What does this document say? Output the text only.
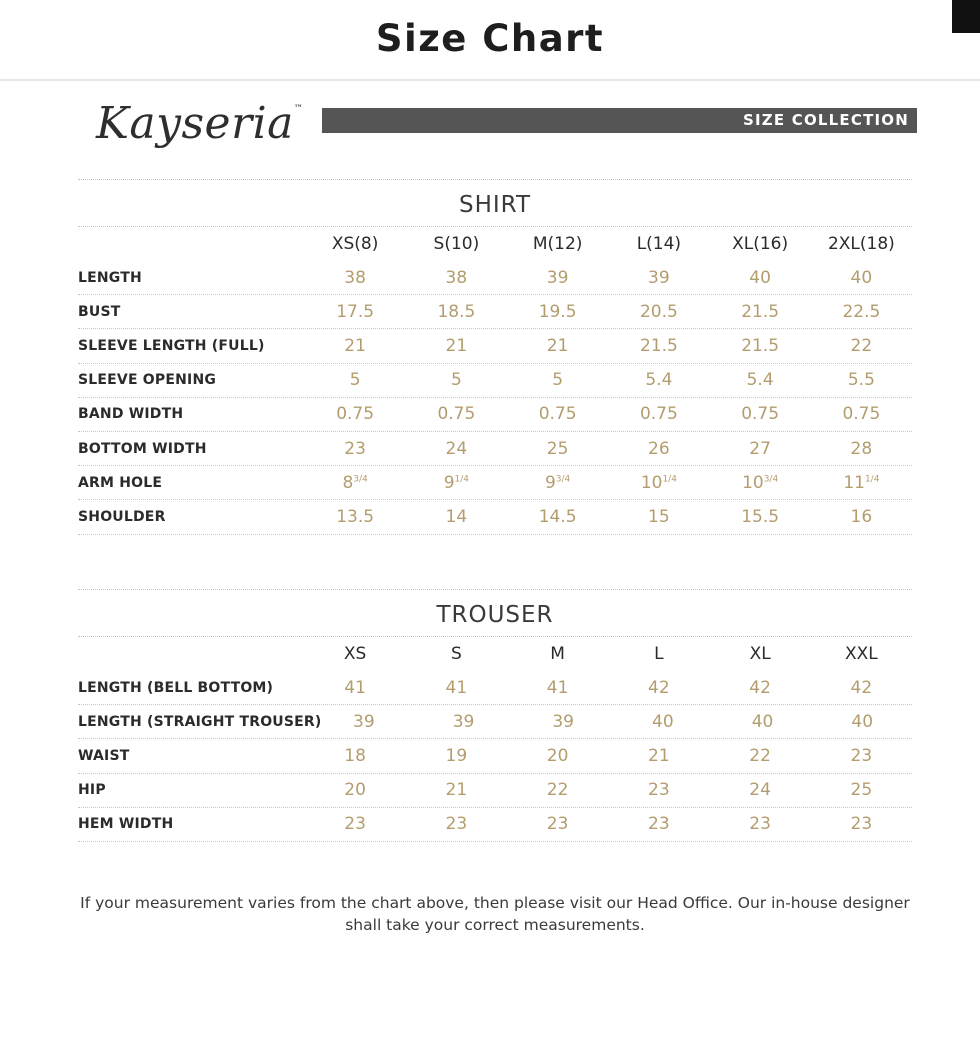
Size Chart
Kayseria™
SIZE COLLECTION
SHIRT
XS(8)	S(10)	M(12)	L(14)	XL(16)	2XL(18)
LENGTH	38	38	39	39	40	40
BUST	17.5	18.5	19.5	20.5	21.5	22.5
SLEEVE LENGTH (FULL)	21	21	21	21.5	21.5	22
SLEEVE OPENING	5	5	5	5.4	5.4	5.5
BAND WIDTH	0.75	0.75	0.75	0.75	0.75	0.75
BOTTOM WIDTH	23	24	25	26	27	28
ARM HOLE	$8^{3/4}$	$9^{1/4}$	$9^{3/4}$	$10^{1/4}$	$10^{3/4}$	$11^{1/4}$
SHOULDER	13.5	14	14.5	15	15.5	16
TROUSER
XS	S	M	L	XL	XXL
LENGTH (BELL BOTTOM)	41	41	41	42	42	42
LENGTH (STRAIGHT TROUSER)	39	39	39	40	40	40
WAIST	18	19	20	21	22	23
HIP	20	21	22	23	24	25
HEM WIDTH	23	23	23	23	23	23
If your measurement varies from the chart above, then please visit our Head Office. Our in-house designer
shall take your correct measurements.
